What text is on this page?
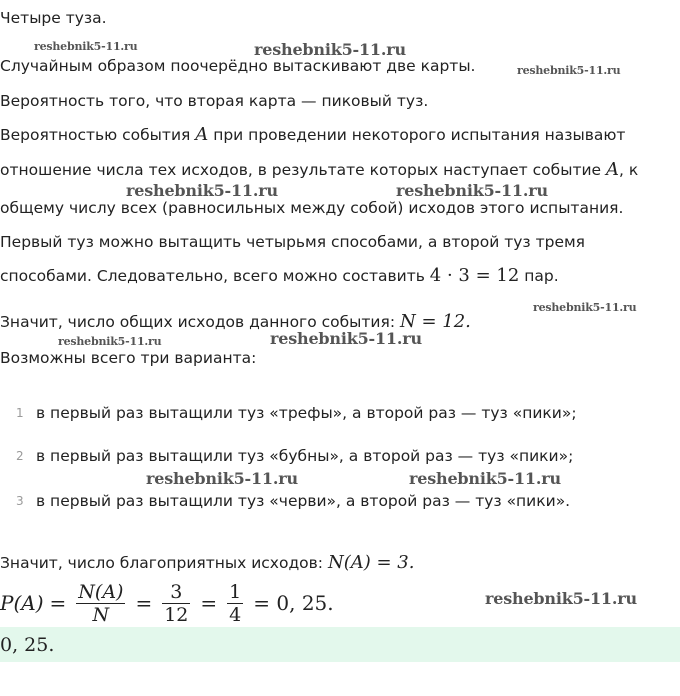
Четыре туза.
Случайным образом поочерёдно вытаскивают две карты.
Вероятность того, что вторая карта — пиковый туз.
Вероятностью события A при проведении некоторого испытания называют
отношение числа тех исходов, в результате которых наступает событие A, к
общему числу всех (равносильных между собой) исходов этого испытания.
Первый туз можно вытащить четырьмя способами, а второй туз тремя
способами. Следовательно, всего можно составить 4 · 3 = 12 пар.
Значит, число общих исходов данного события: N = 12.
Возможны всего три варианта:
1 в первый раз вытащили туз «трефы», а второй раз — туз «пики»;
2 в первый раз вытащили туз «бубны», а второй раз — туз «пики»;
3 в первый раз вытащили туз «черви», а второй раз — туз «пики».
Значит, число благоприятных исходов: N(A) = 3.
$P(A) = \frac{N(A)}{N} = \frac{3}{12} = \frac{1}{4} = 0$, 25.
0, 25.
reshebnik5-11.ru	reshebnik5-11.ru
reshebnik5-11.ru
reshebnik5-11.ru	reshebnik5-11.ru
reshebnik5-11.ru
reshebnik5-11.ru	reshebnik5-11.ru
reshebnik5-11.ru	reshebnik5-11.ru
reshebnik5-11.ru
